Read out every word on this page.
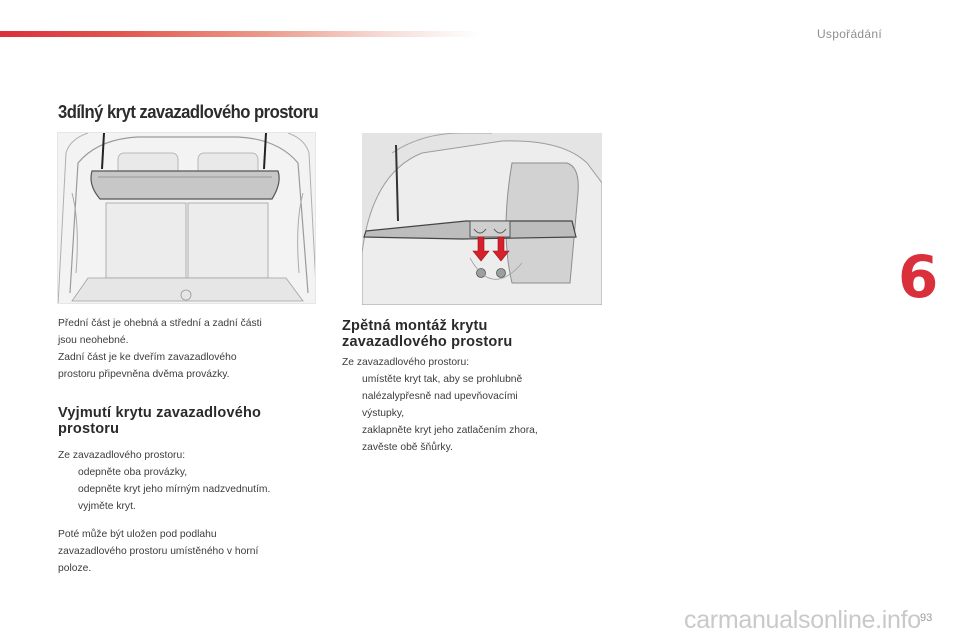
Uspořádání
6
3dílný kryt zavazadlového prostoru

Přední část je ohebná a střední a zadní části

jsou neohebné.

Zadní část je ke dveřím zavazadlového

prostoru připevněna dvěma provázky.

Vyjmutí krytu zavazadlového
prostoru

Ze zavazadlového prostoru:

odepněte oba provázky,
odepněte kryt jeho mírným nadzvednutím.
vyjměte kryt.

Poté může být uložen pod podlahu

zavazadlového prostoru umístěného v horní

poloze.

Zpětná montáž krytu
zavazadlového prostoru

Ze zavazadlového prostoru:

umístěte kryt tak, aby se prohlubně
nalézalypřesně nad upevňovacími
výstupky,
zaklapněte kryt jeho zatlačením zhora,
zavěste obě šňůrky.
carmanualsonline.info 93
